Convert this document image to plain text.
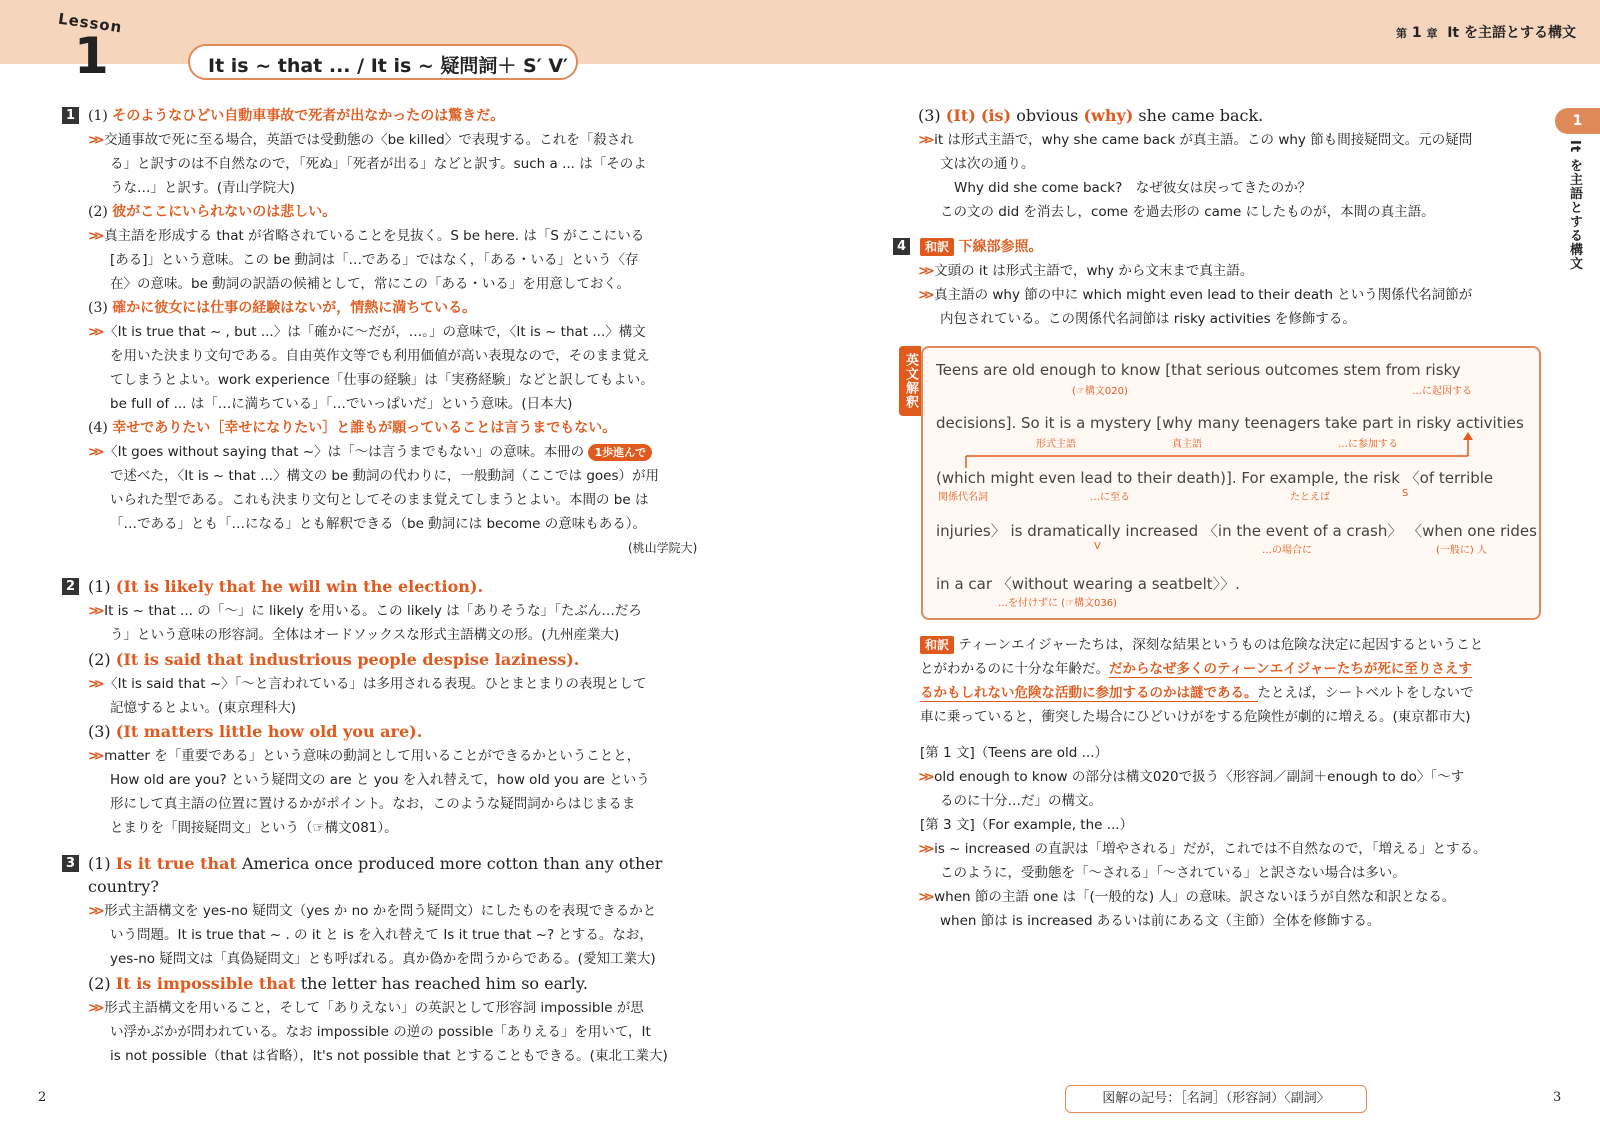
Lesson
1	It is ~ that ... / It is ~ 疑問詞＋ S′ V′
第 1 章 It を主語とする構文
1
It を主語とする構文
1 (1) そのようなひどい自動車事故で死者が出なかったのは驚きだ。
>> 交通事故で死に至る場合，英語では受動態の〈be killed〉で表現する。これを「殺され
る」と訳すのは不自然なので，「死ぬ」「死者が出る」などと訳す。such a ... は「そのよ
うな…」と訳す。(青山学院大)
(2) 彼がここにいられないのは悲しい。
>> 真主語を形成する that が省略されていることを見抜く。S be here. は「S がここにいる
[ある]」という意味。この be 動詞は「…である」ではなく，「ある・いる」という〈存
在〉の意味。be 動詞の訳語の候補として，常にこの「ある・いる」を用意しておく。
(3) 確かに彼女には仕事の経験はないが，情熱に満ちている。
>> 〈It is true that ~ , but ...〉は「確かに～だが，…。」の意味で，〈It is ~ that ...〉構文
を用いた決まり文句である。自由英作文等でも利用価値が高い表現なので，そのまま覚え
てしまうとよい。work experience「仕事の経験」は「実務経験」などと訳してもよい。
be full of ... は「…に満ちている」「…でいっぱいだ」という意味。(日本大)
(4) 幸せでありたい［幸せになりたい］と誰もが願っていることは言うまでもない。
>> 〈It goes without saying that ~〉は「～は言うまでもない」の意味。本冊の 1歩進んで
で述べた，〈It is ~ that ...〉構文の be 動詞の代わりに，一般動詞（ここでは goes）が用
いられた型である。これも決まり文句としてそのまま覚えてしまうとよい。本間の be は
「…である」とも「…になる」とも解釈できる（be 動詞には become の意味もある）。
(桃山学院大)
2 (1) (It is likely that he will win the election).
>> It is ~ that ... の「～」に likely を用いる。この likely は「ありそうな」「たぶん…だろ
う」という意味の形容詞。全体はオードソックスな形式主語構文の形。(九州産業大)
(2) (It is said that industrious people despise laziness).
>> 〈It is said that ~〉「～と言われている」は多用される表現。ひとまとまりの表現として
記憶するとよい。(東京理科大)
(3) (It matters little how old you are).
>> matter を「重要である」という意味の動詞として用いることができるかということと，
How old are you? という疑問文の are と you を入れ替えて，how old you are という
形にして真主語の位置に置けるかがポイント。なお，このような疑問詞からはじまるま
とまりを「間接疑問文」という（☞構文081）。
3 (1) Is it true that America once produced more cotton than any other
country?
>> 形式主語構文を yes-no 疑問文（yes か no かを問う疑問文）にしたものを表現できるかと
いう問題。It is true that ~ . の it と is を入れ替えて Is it true that ~? とする。なお，
yes-no 疑問文は「真偽疑問文」とも呼ばれる。真か偽かを問うからである。(愛知工業大)
(2) It is impossible that the letter has reached him so early.
>> 形式主語構文を用いること，そして「ありえない」の英訳として形容詞 impossible が思
い浮かぶかが問われている。なお impossible の逆の possible「ありえる」を用いて，It
is not possible（that は省略），It's not possible that とすることもできる。(東北工業大)
2
(3) (It) (is) obvious (why) she came back.
>> it は形式主語で，why she came back が真主語。この why 節も間接疑問文。元の疑問
文は次の通り。
Why did she come back?　なぜ彼女は戻ってきたのか？
この文の did を消去し，come を過去形の came にしたものが，本間の真主語。
4	和訳 下線部参照。
>> 文頭の it は形式主語で，why から文末まで真主語。
>> 真主語の why 節の中に which might even lead to their death という関係代名詞節が
内包されている。この関係代名詞節は risky activities を修飾する。
英文解釈 Teens are old enough to know [that serious outcomes stem from risky
(☞構文020)	…に起因する
decisions]. So it is a mystery [why many teenagers take part in risky activities
形式主語	真主語	…に参加する
(which might even lead to their death)]. For example, the risk 〈of terrible
関係代名詞	…に至る	たとえば	S
injuries〉 is dramatically increased 〈in the event of a crash〉 〈when one rides
V	…の場合に	(一般に) 人
in a car 〈without wearing a seatbelt〉〉.
…を付けずに (☞構文036)
和訳 ティーンエイジャーたちは，深刻な結果というものは危険な決定に起因するということ
とがわかるのに十分な年齢だ。だからなぜ多くのティーンエイジャーたちが死に至りさえす
るかもしれない危険な活動に参加するのかは謎である。たとえば，シートベルトをしないで
車に乗っていると，衝突した場合にひどいけがをする危険性が劇的に増える。(東京都市大)
[第 1 文]（Teens are old ...）
>> old enough to know の部分は構文020で扱う〈形容詞／副詞＋enough to do〉「～す
るのに十分…だ」の構文。
[第 3 文]（For example, the ...）
>> is ~ increased の直訳は「増やされる」だが，これでは不自然なので，「増える」とする。
このように，受動態を「～される」「～されている」と訳さない場合は多い。
>> when 節の主語 one は「(一般的な) 人」の意味。訳さないほうが自然な和訳となる。
when 節は is increased あるいは前にある文（主節）全体を修飾する。
図解の記号：［名詞］（形容詞）〈副詞〉	3
